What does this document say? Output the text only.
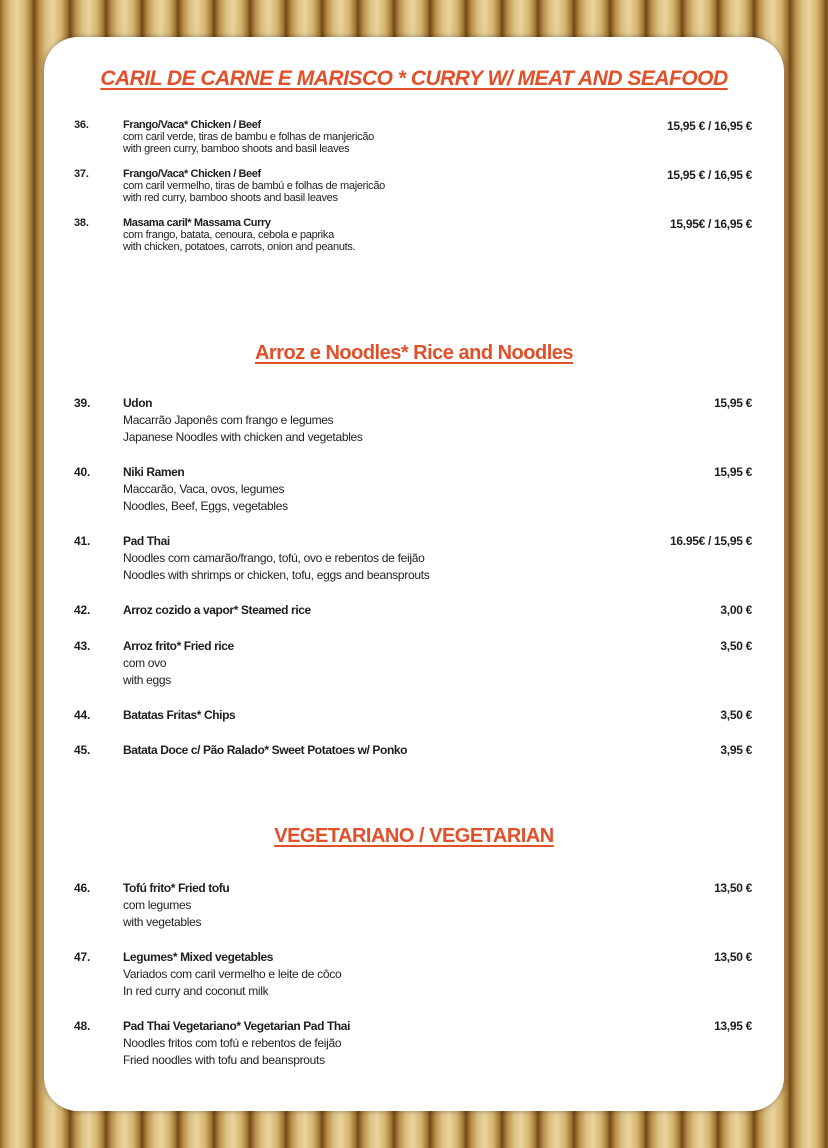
CARIL DE CARNE E MARISCO * CURRY W/ MEAT AND SEAFOOD
36.	Frango/Vaca* Chicken / Beef
com caril verde, tiras de bambu e folhas de manjericão
with green curry, bamboo shoots and basil leaves
15,95 € / 16,95 €
37.	Frango/Vaca* Chicken / Beef
com caril vermelho, tiras de bambú e folhas de majericão
with red curry, bamboo shoots and basil leaves
15,95 € / 16,95 €
38.	Masama caril* Massama Curry
com frango, batata, cenoura, cebola e paprika
with chicken, potatoes, carrots, onion and peanuts.
15,95€ / 16,95 €
Arroz e Noodles* Rice and Noodles
39.	Udon
Macarrão Japonês com frango e legumes
Japanese Noodles with chicken and vegetables
15,95 €
40.	Niki Ramen
Maccarão, Vaca, ovos, legumes
Noodles, Beef, Eggs, vegetables
15,95 €
41.	Pad Thai
Noodles com camarão/frango, tofú, ovo e rebentos de feijão
Noodles with shrimps or chicken, tofu, eggs and beansprouts
16.95€ / 15,95 €
42.	Arroz cozido a vapor* Steamed rice	3,00 €
43.	Arroz frito* Fried rice
com ovo
with eggs
3,50 €
44.	Batatas Fritas* Chips	3,50 €
45.	Batata Doce c/ Pão Ralado* Sweet Potatoes w/ Ponko	3,95 €
VEGETARIANO / VEGETARIAN
46.	Tofú frito* Fried tofu
com legumes
with vegetables
13,50 €
47.	Legumes* Mixed vegetables
Variados com caril vermelho e leite de côco
In red curry and coconut milk
13,50 €
48.	Pad Thai Vegetariano* Vegetarian Pad Thai
Noodles fritos com tofú e rebentos de feijão
Fried noodles with tofu and beansprouts
13,95 €
